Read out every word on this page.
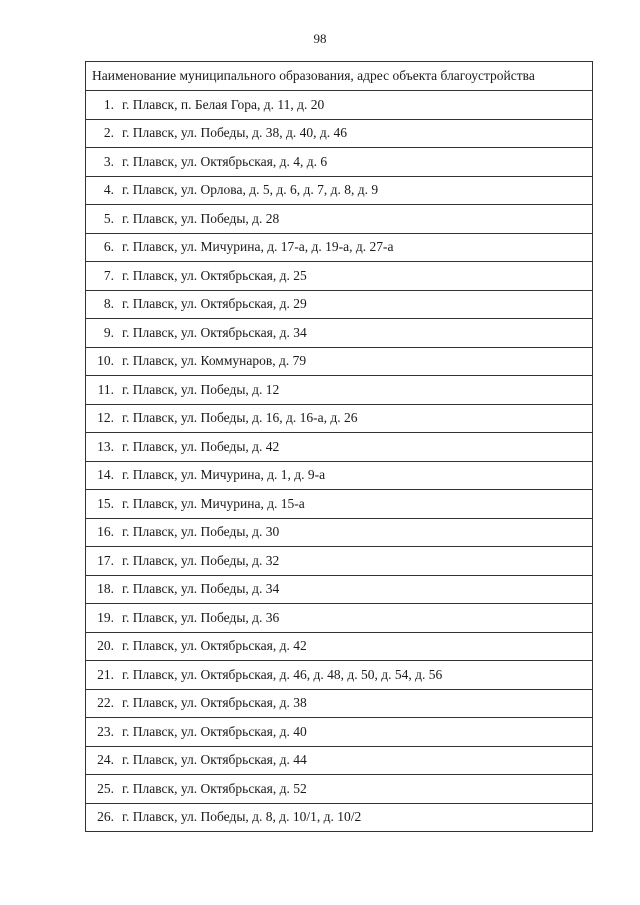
98
Наименование муниципального образования, адрес объекта благоустройства
1. г. Плавск, п. Белая Гора, д. 11, д. 20
2. г. Плавск, ул. Победы, д. 38, д. 40, д. 46
3. г. Плавск, ул. Октябрьская, д. 4, д. 6
4. г. Плавск, ул. Орлова, д. 5, д. 6, д. 7, д. 8, д. 9
5. г. Плавск, ул. Победы, д. 28
6. г. Плавск, ул. Мичурина, д. 17-а, д. 19-а, д. 27-а
7. г. Плавск, ул. Октябрьская, д. 25
8. г. Плавск, ул. Октябрьская, д. 29
9. г. Плавск, ул. Октябрьская, д. 34
10. г. Плавск, ул. Коммунаров, д. 79
11. г. Плавск, ул. Победы, д. 12
12. г. Плавск, ул. Победы, д. 16, д. 16-а, д. 26
13. г. Плавск, ул. Победы, д. 42
14. г. Плавск, ул. Мичурина, д. 1, д. 9-а
15. г. Плавск, ул. Мичурина, д. 15-а
16. г. Плавск, ул. Победы, д. 30
17. г. Плавск, ул. Победы, д. 32
18. г. Плавск, ул. Победы, д. 34
19. г. Плавск, ул. Победы, д. 36
20. г. Плавск, ул. Октябрьская, д. 42
21. г. Плавск, ул. Октябрьская, д. 46, д. 48, д. 50, д. 54, д. 56
22. г. Плавск, ул. Октябрьская, д. 38
23. г. Плавск, ул. Октябрьская, д. 40
24. г. Плавск, ул. Октябрьская, д. 44
25. г. Плавск, ул. Октябрьская, д. 52
26. г. Плавск, ул. Победы, д. 8, д. 10/1, д. 10/2
